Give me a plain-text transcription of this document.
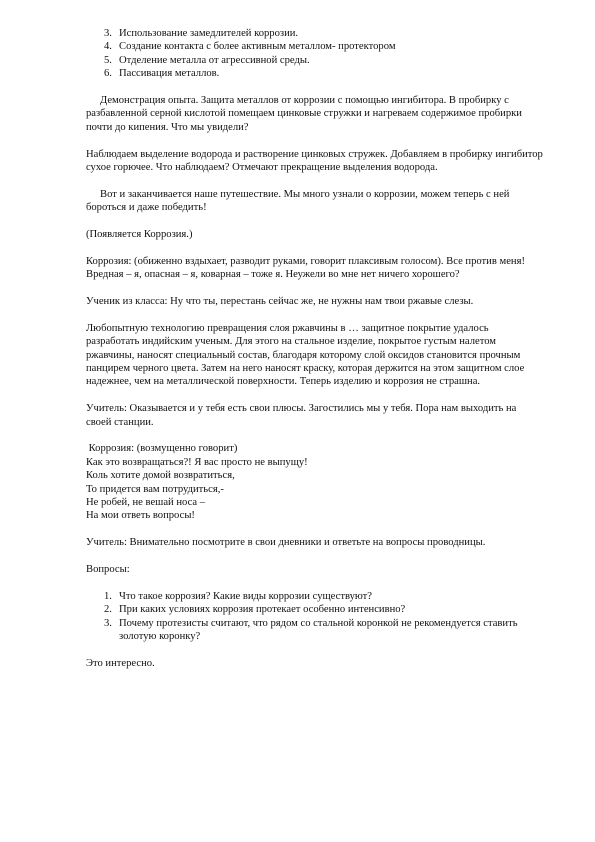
3. Использование замедлителей коррозии.
4. Создание контакта с более активным металлом- протектором
5. Отделение металла от агрессивной среды.
6. Пассивация металлов.

Демонстрация опыта. Защита металлов от коррозии с помощью ингибитора. В пробирку с разбавленной серной кислотой помещаем цинковые стружки и нагреваем содержимое пробирки почти до кипения. Что мы увидели?

Наблюдаем выделение водорода и растворение цинковых стружек. Добавляем в пробирку ингибитор сухое горючее. Что наблюдаем? Отмечают прекращение выделения водорода.

Вот и заканчивается наше путешествие. Мы много узнали о коррозии, можем теперь с ней бороться и даже победить!

(Появляется Коррозия.)

Коррозия: (обиженно вздыхает, разводит руками, говорит плаксивым голосом). Все против меня! Вредная – я, опасная – я, коварная – тоже я. Неужели во мне нет ничего хорошего?

Ученик из класса: Ну что ты, перестань сейчас же, не нужны нам твои ржавые слезы.

Любопытную технологию превращения слоя ржавчины в … защитное покрытие удалось разработать индийским ученым. Для этого на стальное изделие, покрытое густым налетом ржавчины, наносят специальный состав, благодаря которому слой оксидов становится прочным панцирем черного цвета. Затем на него наносят краску, которая держится на этом защитном слое надежнее, чем на металлической поверхности. Теперь изделию и коррозия не страшна.

Учитель: Оказывается и у тебя есть свои плюсы. Загостились мы у тебя. Пора нам выходить на своей станции.

Коррозия: (возмущенно говорит)

Как это возвращаться?! Я вас просто не выпущу!

Коль хотите домой возвратиться,

То придется вам потрудиться,-

Не робей, не вешай носа –

На мои ответь вопросы!

Учитель: Внимательно посмотрите в свои дневники и ответьте на вопросы проводницы.

Вопросы:

1. Что такое коррозия? Какие виды коррозии существуют?
2. При каких условиях коррозия протекает особенно интенсивно?
3. Почему протезисты считают, что рядом со стальной коронкой не рекомендуется ставить золотую коронку?

Это интересно.
